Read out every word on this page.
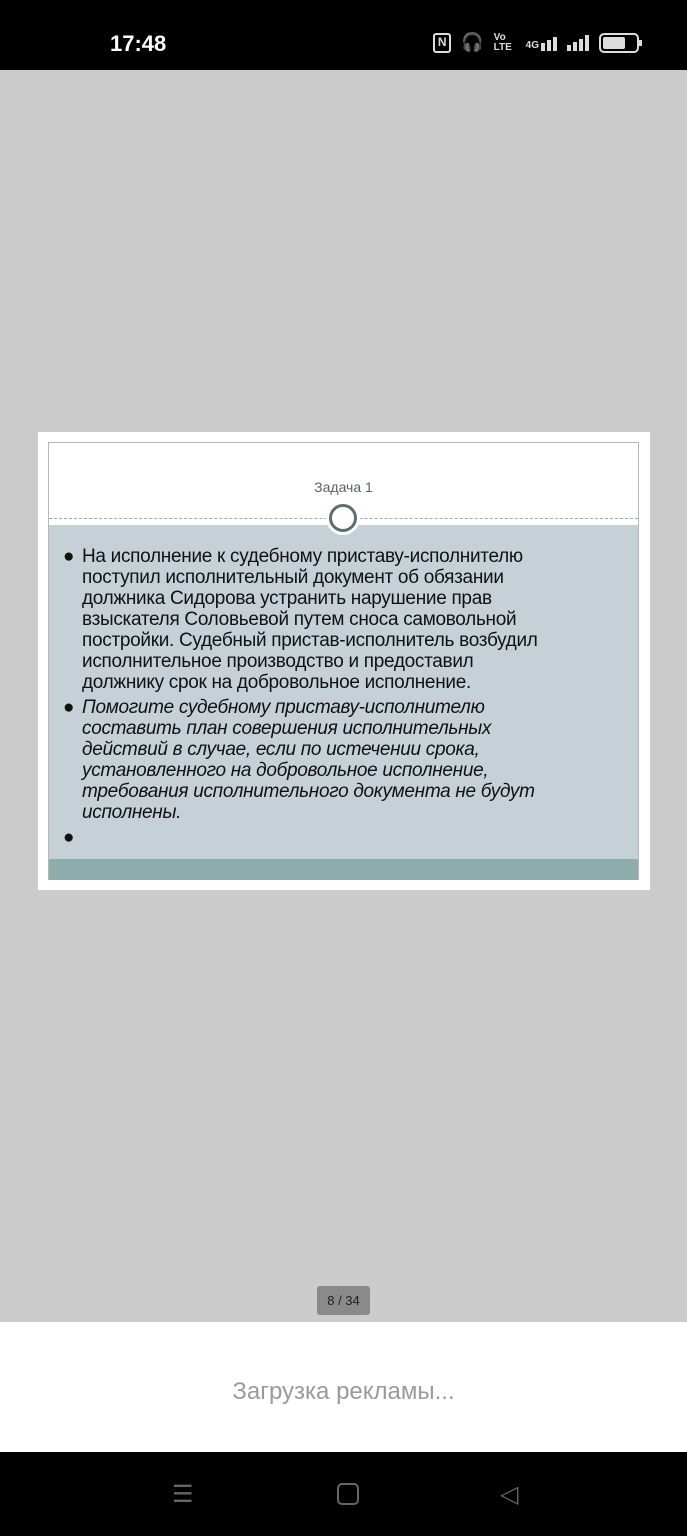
17:48	N 🎧 Vo LTE	4G
Задача 1
● На исполнение к судебному приставу-исполнителю
поступил исполнительный документ об обязании
должника Сидорова устранить нарушение прав
взыскателя Соловьевой путем сноса самовольной
постройки. Судебный пристав-исполнитель возбудил
исполнительное производство и предоставил
должнику срок на добровольное исполнение.
● Помогите судебному приставу-исполнителю
составить план совершения исполнительных
действий в случае, если по истечении срока,
установленного на добровольное исполнение,
требования исполнительного документа не будут
исполнены.
●
8 / 34
Загрузка рекламы...
☰	◁
